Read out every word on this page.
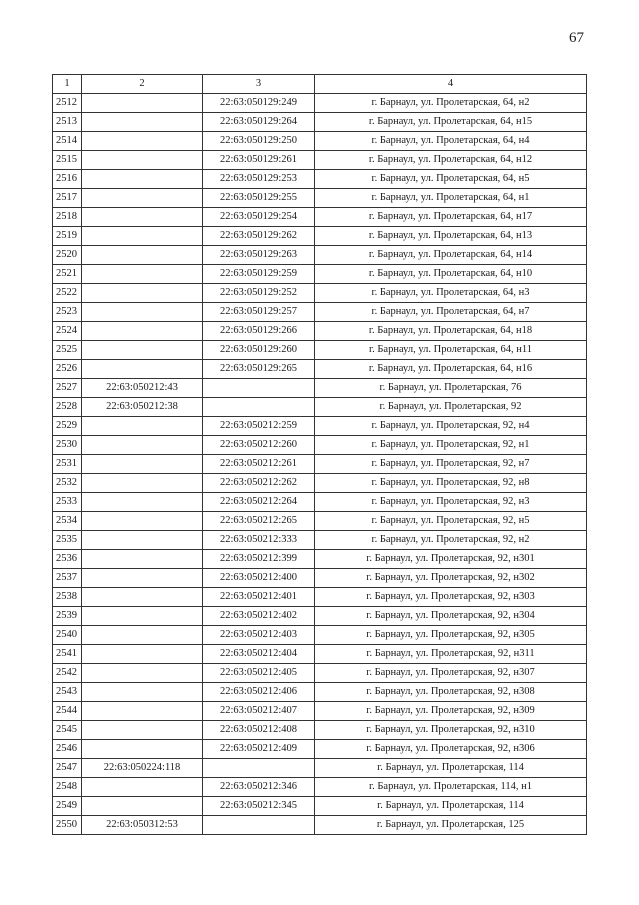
67
1	2	3	4
2512		22:63:050129:249	г. Барнаул, ул. Пролетарская, 64, н2
2513		22:63:050129:264	г. Барнаул, ул. Пролетарская, 64, н15
2514		22:63:050129:250	г. Барнаул, ул. Пролетарская, 64, н4
2515		22:63:050129:261	г. Барнаул, ул. Пролетарская, 64, н12
2516		22:63:050129:253	г. Барнаул, ул. Пролетарская, 64, н5
2517		22:63:050129:255	г. Барнаул, ул. Пролетарская, 64, н1
2518		22:63:050129:254	г. Барнаул, ул. Пролетарская, 64, н17
2519		22:63:050129:262	г. Барнаул, ул. Пролетарская, 64, н13
2520		22:63:050129:263	г. Барнаул, ул. Пролетарская, 64, н14
2521		22:63:050129:259	г. Барнаул, ул. Пролетарская, 64, н10
2522		22:63:050129:252	г. Барнаул, ул. Пролетарская, 64, н3
2523		22:63:050129:257	г. Барнаул, ул. Пролетарская, 64, н7
2524		22:63:050129:266	г. Барнаул, ул. Пролетарская, 64, н18
2525		22:63:050129:260	г. Барнаул, ул. Пролетарская, 64, н11
2526		22:63:050129:265	г. Барнаул, ул. Пролетарская, 64, н16
2527	22:63:050212:43		г. Барнаул, ул. Пролетарская, 76
2528	22:63:050212:38		г. Барнаул, ул. Пролетарская, 92
2529		22:63:050212:259	г. Барнаул, ул. Пролетарская, 92, н4
2530		22:63:050212:260	г. Барнаул, ул. Пролетарская, 92, н1
2531		22:63:050212:261	г. Барнаул, ул. Пролетарская, 92, н7
2532		22:63:050212:262	г. Барнаул, ул. Пролетарская, 92, н8
2533		22:63:050212:264	г. Барнаул, ул. Пролетарская, 92, н3
2534		22:63:050212:265	г. Барнаул, ул. Пролетарская, 92, н5
2535		22:63:050212:333	г. Барнаул, ул. Пролетарская, 92, н2
2536		22:63:050212:399	г. Барнаул, ул. Пролетарская, 92, н301
2537		22:63:050212:400	г. Барнаул, ул. Пролетарская, 92, н302
2538		22:63:050212:401	г. Барнаул, ул. Пролетарская, 92, н303
2539		22:63:050212:402	г. Барнаул, ул. Пролетарская, 92, н304
2540		22:63:050212:403	г. Барнаул, ул. Пролетарская, 92, н305
2541		22:63:050212:404	г. Барнаул, ул. Пролетарская, 92, н311
2542		22:63:050212:405	г. Барнаул, ул. Пролетарская, 92, н307
2543		22:63:050212:406	г. Барнаул, ул. Пролетарская, 92, н308
2544		22:63:050212:407	г. Барнаул, ул. Пролетарская, 92, н309
2545		22:63:050212:408	г. Барнаул, ул. Пролетарская, 92, н310
2546		22:63:050212:409	г. Барнаул, ул. Пролетарская, 92, н306
2547	22:63:050224:118		г. Барнаул, ул. Пролетарская, 114
2548		22:63:050212:346	г. Барнаул, ул. Пролетарская, 114, н1
2549		22:63:050212:345	г. Барнаул, ул. Пролетарская, 114
2550	22:63:050312:53		г. Барнаул, ул. Пролетарская, 125
